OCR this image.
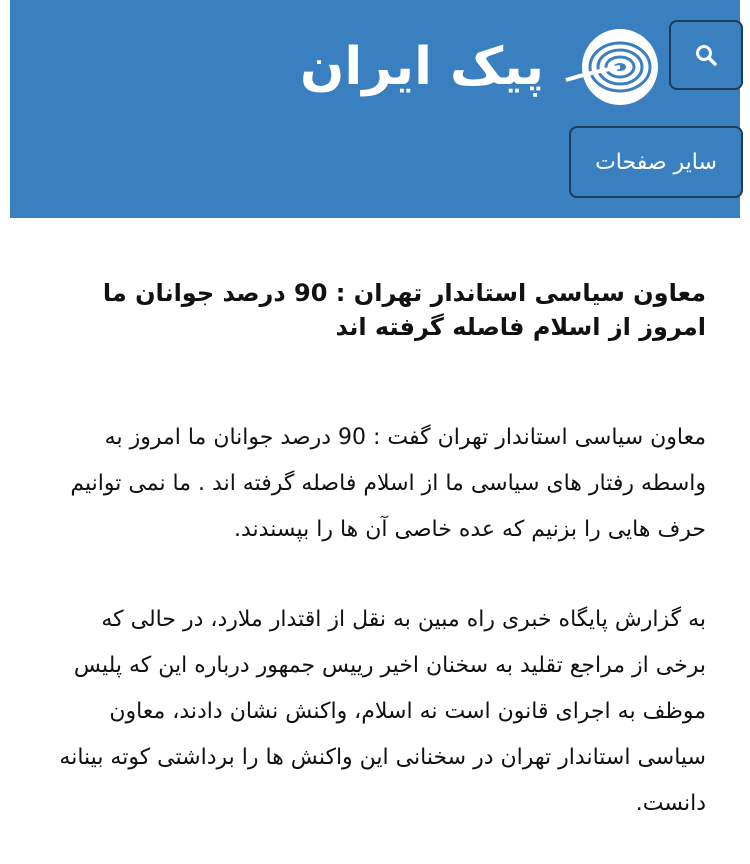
پیک ایران
سایر صفحات
معاون سیاسی استاندار تهران : 90 درصد جوانان ما امروز از اسلام فاصله گرفته اند

معاون سیاسی استاندار تهران گفت : 90 درصد جوانان ما امروز به واسطه رفتار های سیاسی ما از اسلام فاصله گرفته اند . ما نمی توانیم حرف هایی را بزنیم که عده خاصی آن ها را بپسندند.

به گزارش پایگاه خبری راه مبین به نقل از اقتدار ملارد، در حالی که برخی از مراجع تقلید به سخنان اخیر رییس جمهور درباره این که پلیس موظف به اجرای قانون است نه اسلام، واکنش نشان دادند، معاون سیاسی استاندار تهران در سخنانی این واکنش ها را برداشتی کوته بینانه دانست.
